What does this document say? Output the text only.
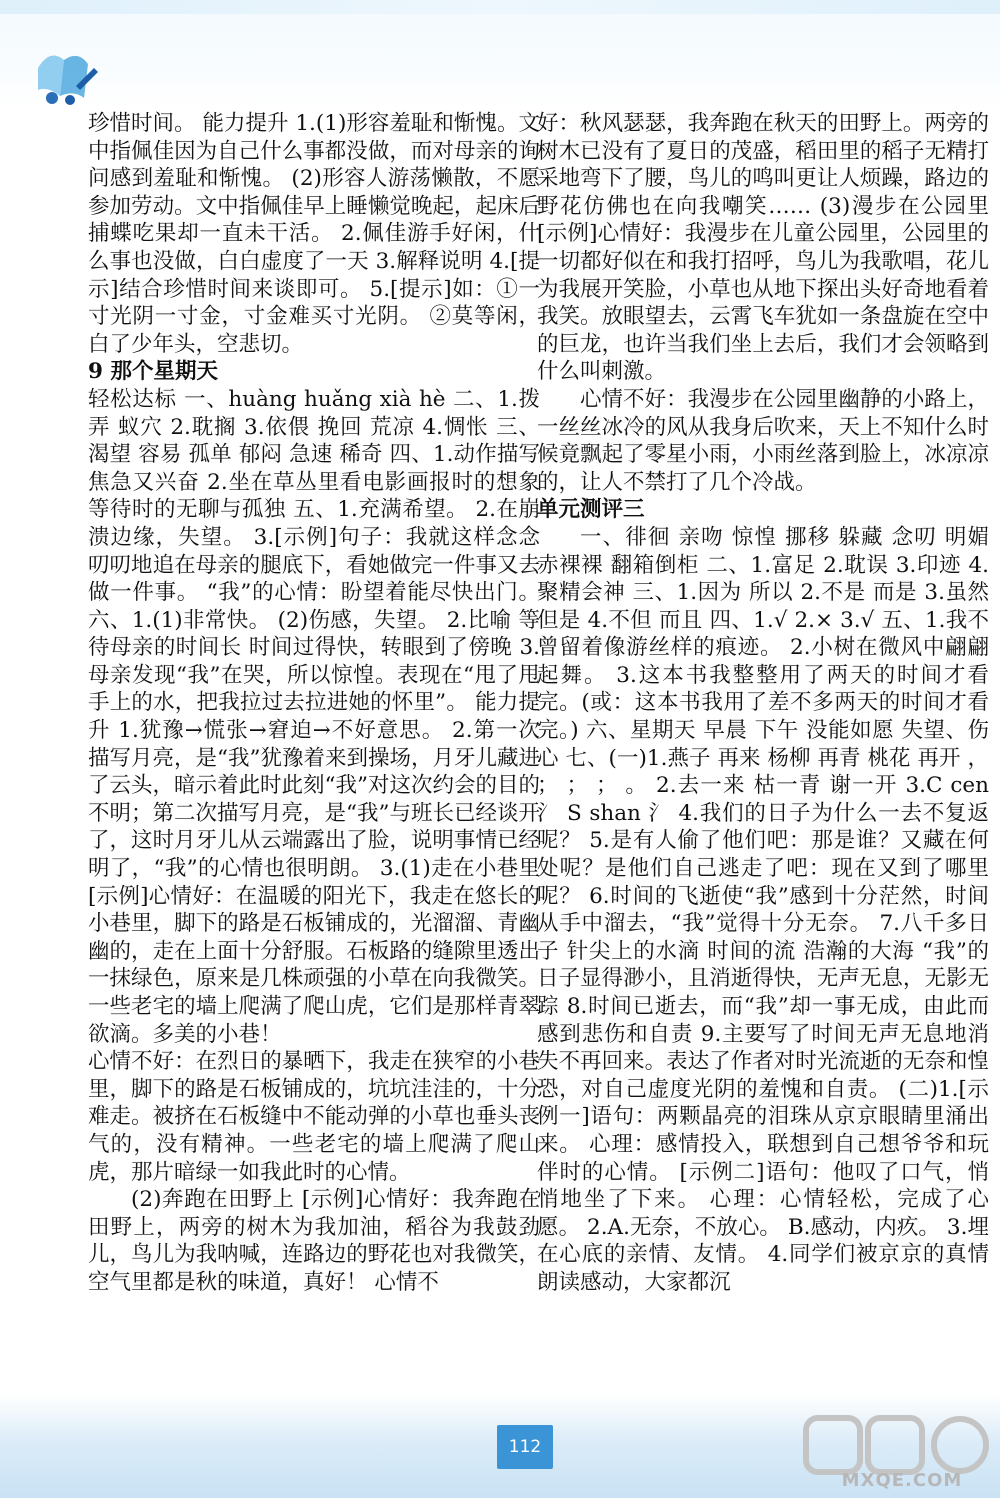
珍惜时间。 能力提升 1.(1)形容羞耻和惭愧。文中指佩佳因为自己什么事都没做，而对母亲的询问感到羞耻和惭愧。 (2)形容人游荡懒散，不愿参加劳动。文中指佩佳早上睡懒觉晚起，起床后捕蝶吃果却一直未干活。 2.佩佳游手好闲，什么事也没做，白白虚度了一天 3.解释说明 4.[提示]结合珍惜时间来谈即可。 5.[提示]如：①一寸光阴一寸金，寸金难买寸光阴。 ②莫等闲，白了少年头，空悲切。

9 那个星期天

轻松达标 一、huàng huǎng xià hè 二、1.拨弄 蚁穴 2.耽搁 3.依偎 挽回 荒凉 4.惆怅 三、渴望 容易 孤单 郁闷 急速 稀奇 四、1.动作描写 焦急又兴奋 2.坐在草丛里看电影画报时的想象 等待时的无聊与孤独 五、1.充满希望。 2.在崩溃边缘，失望。 3.[示例]句子：我就这样念念叨叨地追在母亲的腿底下，看她做完一件事又去做一件事。 “我”的心情：盼望着能尽快出门。 六、1.(1)非常快。 (2)伤感，失望。 2.比喻 等待母亲的时间长 时间过得快，转眼到了傍晚 3.母亲发现“我”在哭，所以惊惶。表现在“甩了甩手上的水，把我拉过去拉进她的怀里”。 能力提升 1.犹豫→慌张→窘迫→不好意思。 2.第一次描写月亮，是“我”犹豫着来到操场，月牙儿藏进了云头，暗示着此时此刻“我”对这次约会的目的不明；第二次描写月亮，是“我”与班长已经谈开了，这时月牙儿从云端露出了脸，说明事情已经明了，“我”的心情也很明朗。 3.(1)走在小巷里 [示例]心情好：在温暖的阳光下，我走在悠长的小巷里，脚下的路是石板铺成的，光溜溜、青幽幽的，走在上面十分舒服。石板路的缝隙里透出一抹绿色，原来是几株顽强的小草在向我微笑。一些老宅的墙上爬满了爬山虎，它们是那样青翠欲滴。多美的小巷！

心情不好：在烈日的暴晒下，我走在狭窄的小巷里，脚下的路是石板铺成的，坑坑洼洼的，十分难走。被挤在石板缝中不能动弹的小草也垂头丧气的，没有精神。一些老宅的墙上爬满了爬山虎，那片暗绿一如我此时的心情。

(2)奔跑在田野上 [示例]心情好：我奔跑在田野上，两旁的树木为我加油，稻谷为我鼓劲儿，鸟儿为我呐喊，连路边的野花也对我微笑，空气里都是秋的味道，真好！ 心情不

好：秋风瑟瑟，我奔跑在秋天的田野上。两旁的树木已没有了夏日的茂盛，稻田里的稻子无精打采地弯下了腰，鸟儿的鸣叫更让人烦躁，路边的野花仿佛也在向我嘲笑…… (3)漫步在公园里 [示例]心情好：我漫步在儿童公园里，公园里的一切都好似在和我打招呼，鸟儿为我歌唱，花儿为我展开笑脸，小草也从地下探出头好奇地看着我笑。放眼望去，云霄飞车犹如一条盘旋在空中的巨龙，也许当我们坐上去后，我们才会领略到什么叫刺激。

心情不好：我漫步在公园里幽静的小路上，一丝丝冰冷的风从我身后吹来，天上不知什么时候竟飘起了零星小雨，小雨丝落到脸上，冰凉凉的，让人不禁打了几个冷战。

单元测评三

一、徘徊 亲吻 惊惶 挪移 躲藏 念叨 明媚 赤裸裸 翻箱倒柜 二、1.富足 2.耽误 3.印迹 4.聚精会神 三、1.因为 所以 2.不是 而是 3.虽然 但是 4.不但 而且 四、1.√ 2.× 3.√ 五、1.我不曾留着像游丝样的痕迹。 2.小树在微风中翩翩起舞。 3.这本书我整整用了两天的时间才看完。(或：这本书我用了差不多两天的时间才看完。) 六、星期天 早晨 下午 没能如愿 失望、伤心 七、(一)1.燕子 再来 杨柳 再青 桃花 再开 ， ； ； ； 。 2.去一来 枯一青 谢一开 3.C cen 氵 S shan 氵 4.我们的日子为什么一去不复返呢？ 5.是有人偷了他们吧：那是谁？又藏在何处呢？是他们自己逃走了吧：现在又到了哪里呢？ 6.时间的飞逝使“我”感到十分茫然，时间从手中溜去，“我”觉得十分无奈。 7.八千多日子 针尖上的水滴 时间的流 浩瀚的大海 “我”的日子显得渺小，且消逝得快，无声无息，无影无踪 8.时间已逝去，而“我”却一事无成，由此而感到悲伤和自责 9.主要写了时间无声无息地消失不再回来。表达了作者对时光流逝的无奈和惶恐，对自己虚度光阴的羞愧和自责。 (二)1.[示例一]语句：两颗晶亮的泪珠从京京眼睛里涌出来。 心理：感情投入，联想到自己想爷爷和玩伴时的心情。 [示例二]语句：他叹了口气，悄悄地坐了下来。 心理：心情轻松，完成了心愿。 2.A.无奈，不放心。 B.感动，内疚。 3.埋在心底的亲情、友情。 4.同学们被京京的真情朗读感动，大家都沉

112
MXQE.COM
